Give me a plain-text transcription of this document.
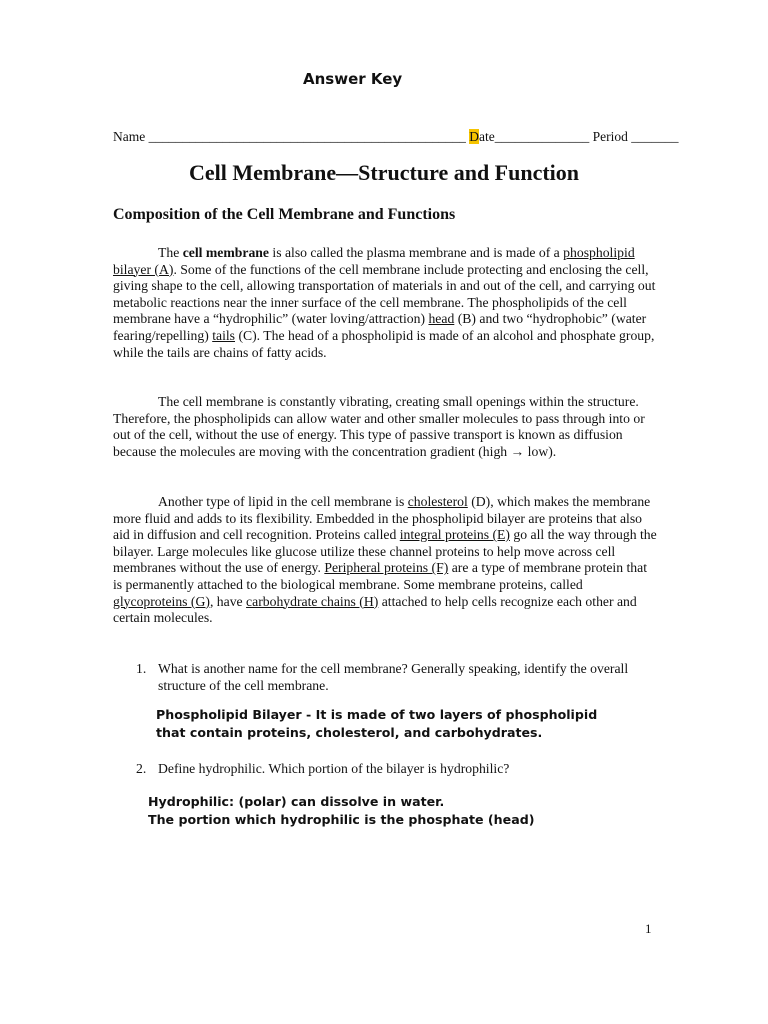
Answer Key
Name _______________________________________________ Date______________ Period _______
Cell Membrane—Structure and Function
Composition of the Cell Membrane and Functions

The cell membrane is also called the plasma membrane and is made of a phospholipid bilayer (A). Some of the functions of the cell membrane include protecting and enclosing the cell, giving shape to the cell, allowing transportation of materials in and out of the cell, and carrying out metabolic reactions near the inner surface of the cell membrane. The phospholipids of the cell membrane have a “hydrophilic” (water loving/attraction) head (B) and two “hydrophobic” (water fearing/repelling) tails (C). The head of a phospholipid is made of an alcohol and phosphate group, while the tails are chains of fatty acids.

The cell membrane is constantly vibrating, creating small openings within the structure. Therefore, the phospholipids can allow water and other smaller molecules to pass through into or out of the cell, without the use of energy. This type of passive transport is known as diffusion because the molecules are moving with the concentration gradient (high → low).

Another type of lipid in the cell membrane is cholesterol (D), which makes the membrane more fluid and adds to its flexibility. Embedded in the phospholipid bilayer are proteins that also aid in diffusion and cell recognition. Proteins called integral proteins (E) go all the way through the bilayer. Large molecules like glucose utilize these channel proteins to help move across cell membranes without the use of energy. Peripheral proteins (F) are a type of membrane protein that is permanently attached to the biological membrane. Some membrane proteins, called glycoproteins (G), have carbohydrate chains (H) attached to help cells recognize each other and certain molecules.

1. What is another name for the cell membrane? Generally speaking, identify the overall structure of the cell membrane.
Phospholipid Bilayer - It is made of two layers of phospholipid
that contain proteins, cholesterol, and carbohydrates.
2. Define hydrophilic. Which portion of the bilayer is hydrophilic?
Hydrophilic: (polar) can dissolve in water.
The portion which hydrophilic is the phosphate (head)
1
